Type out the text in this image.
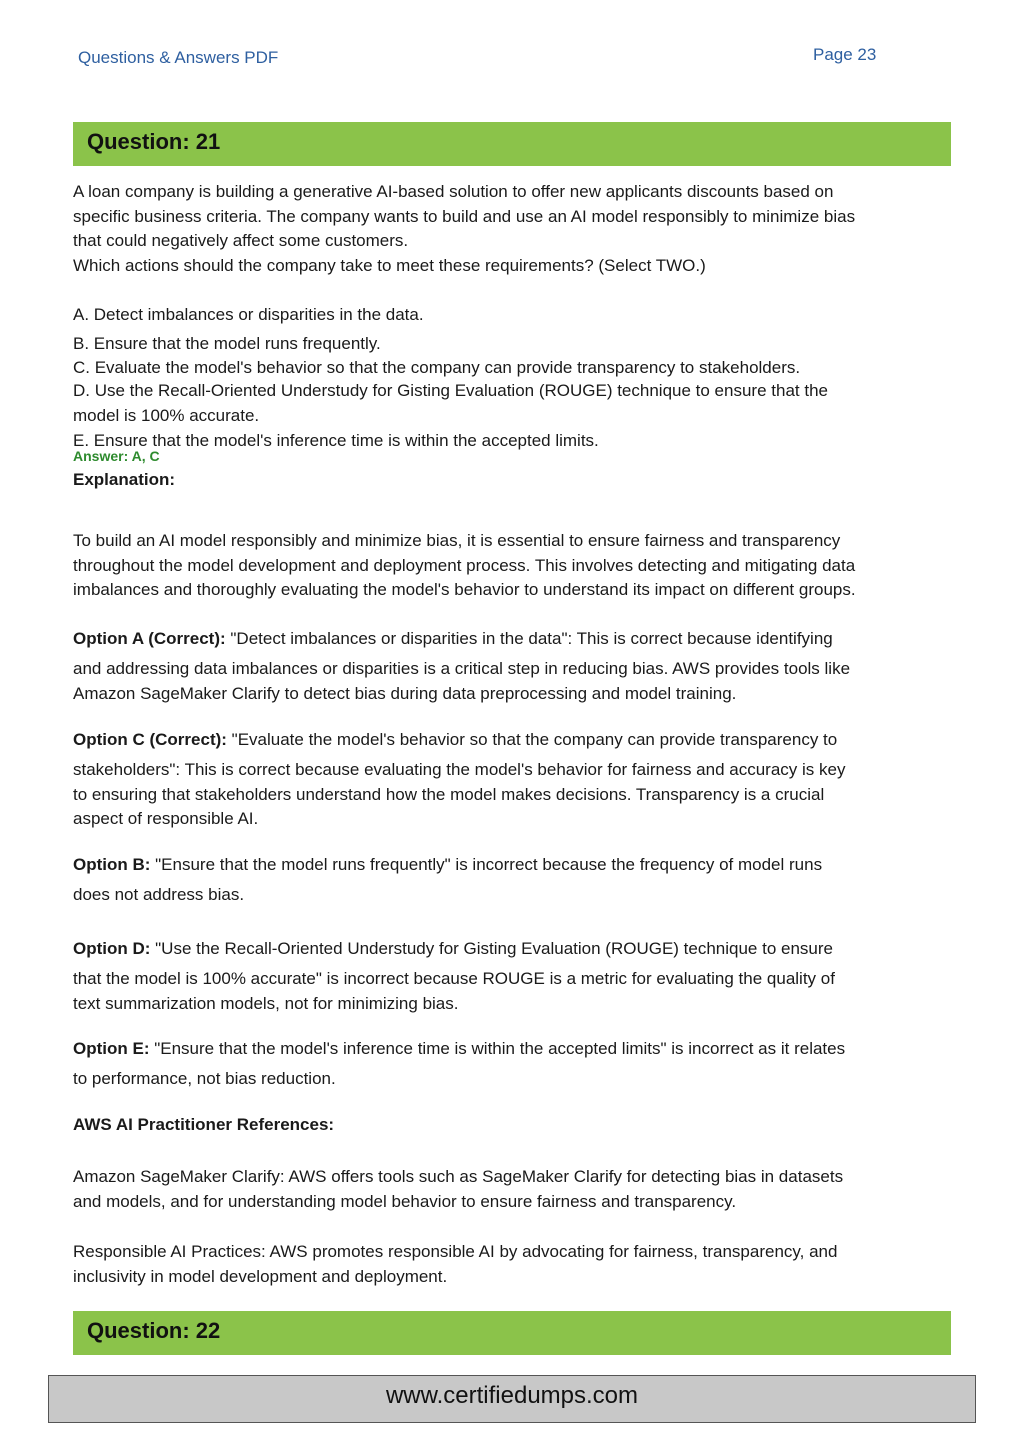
Questions & Answers PDF	Page 23
Question: 21
A loan company is building a generative AI-based solution to offer new applicants discounts based on
specific business criteria. The company wants to build and use an AI model responsibly to minimize bias
that could negatively affect some customers.
Which actions should the company take to meet these requirements? (Select TWO.)
A. Detect imbalances or disparities in the data.
B. Ensure that the model runs frequently.
C. Evaluate the model's behavior so that the company can provide transparency to stakeholders.
D. Use the Recall-Oriented Understudy for Gisting Evaluation (ROUGE) technique to ensure that the
model is 100% accurate.
E. Ensure that the model's inference time is within the accepted limits.
Answer: A, C
Explanation:
To build an AI model responsibly and minimize bias, it is essential to ensure fairness and transparency
throughout the model development and deployment process. This involves detecting and mitigating data
imbalances and thoroughly evaluating the model's behavior to understand its impact on different groups.
Option A (Correct): "Detect imbalances or disparities in the data": This is correct because identifying
and addressing data imbalances or disparities is a critical step in reducing bias. AWS provides tools like
Amazon SageMaker Clarify to detect bias during data preprocessing and model training.
Option C (Correct): "Evaluate the model's behavior so that the company can provide transparency to
stakeholders": This is correct because evaluating the model's behavior for fairness and accuracy is key
to ensuring that stakeholders understand how the model makes decisions. Transparency is a crucial
aspect of responsible AI.
Option B: "Ensure that the model runs frequently" is incorrect because the frequency of model runs
does not address bias.
Option D: "Use the Recall-Oriented Understudy for Gisting Evaluation (ROUGE) technique to ensure
that the model is 100% accurate" is incorrect because ROUGE is a metric for evaluating the quality of
text summarization models, not for minimizing bias.
Option E: "Ensure that the model's inference time is within the accepted limits" is incorrect as it relates
to performance, not bias reduction.
AWS AI Practitioner References:
Amazon SageMaker Clarify: AWS offers tools such as SageMaker Clarify for detecting bias in datasets
and models, and for understanding model behavior to ensure fairness and transparency.
Responsible AI Practices: AWS promotes responsible AI by advocating for fairness, transparency, and
inclusivity in model development and deployment.
Question: 22
www.certifiedumps.com
